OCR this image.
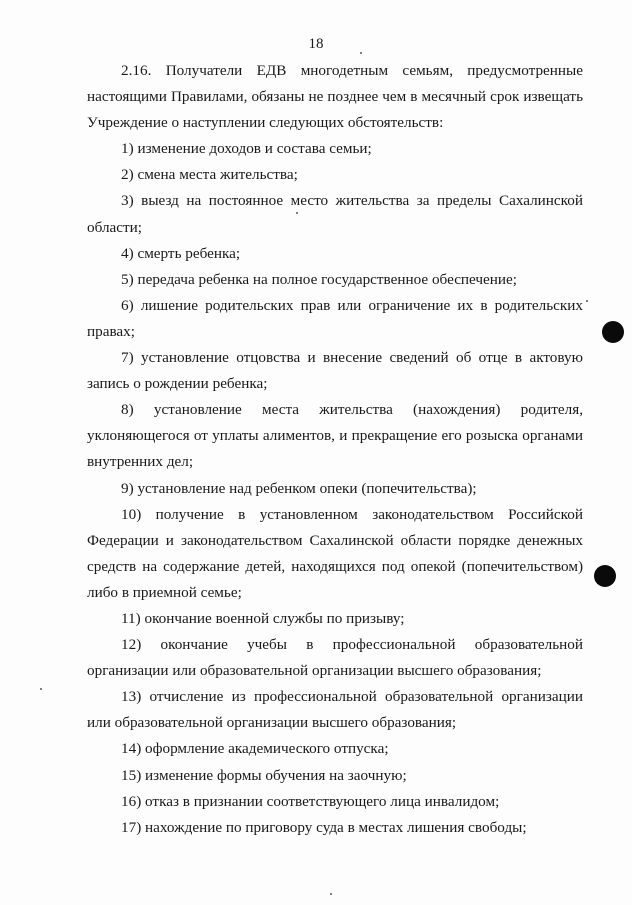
18

2.16. Получатели ЕДВ многодетным семьям, предусмотренные настоящими Правилами, обязаны не позднее чем в месячный срок извещать Учреждение о наступлении следующих обстоятельств:

1) изменение доходов и состава семьи;

2) смена места жительства;

3) выезд на постоянное место жительства за пределы Сахалинской области;

4) смерть ребенка;

5) передача ребенка на полное государственное обеспечение;

6) лишение родительских прав или ограничение их в родительских правах;

7) установление отцовства и внесение сведений об отце в актовую запись о рождении ребенка;

8) установление места жительства (нахождения) родителя, уклоняющегося от уплаты алиментов, и прекращение его розыска органами внутренних дел;

9) установление над ребенком опеки (попечительства);

10) получение в установленном законодательством Российской Федерации и законодательством Сахалинской области порядке денежных средств на содержание детей, находящихся под опекой (попечительством) либо в приемной семье;

11) окончание военной службы по призыву;

12) окончание учебы в профессиональной образовательной организации или образовательной организации высшего образования;

13) отчисление из профессиональной образовательной организации или образовательной организации высшего образования;

14) оформление академического отпуска;

15) изменение формы обучения на заочную;

16) отказ в признании соответствующего лица инвалидом;

17) нахождение по приговору суда в местах лишения свободы;
